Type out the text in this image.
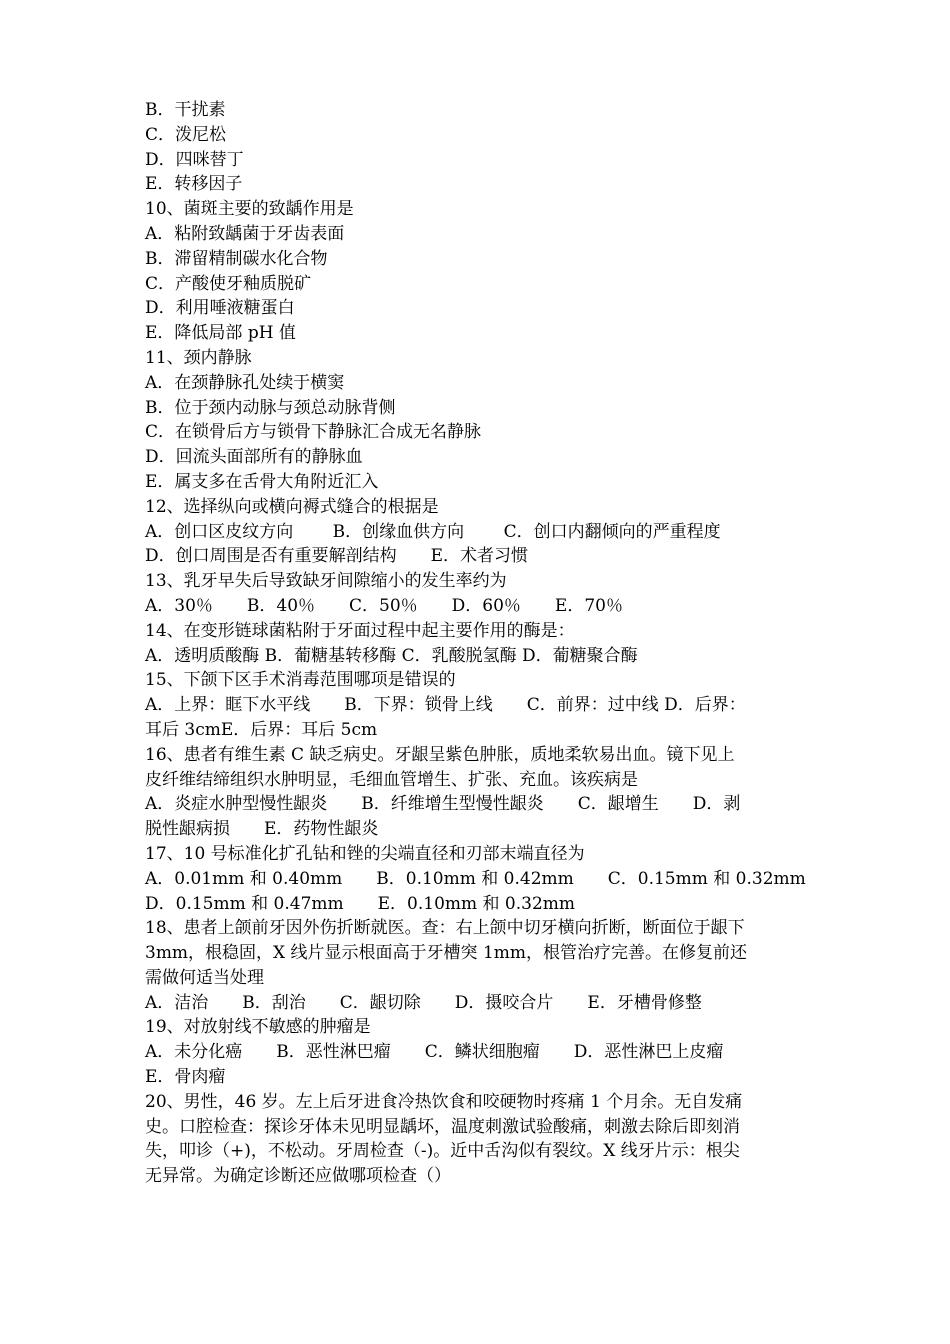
B．干扰素
C．泼尼松
D．四咪替丁
E．转移因子
10、菌斑主要的致龋作用是
A．粘附致龋菌于牙齿表面
B．滞留精制碳水化合物
C．产酸使牙釉质脱矿
D．利用唾液糖蛋白
E．降低局部 pH 值
11、颈内静脉
A．在颈静脉孔处续于横窦
B．位于颈内动脉与颈总动脉背侧
C．在锁骨后方与锁骨下静脉汇合成无名静脉
D．回流头面部所有的静脉血
E．属支多在舌骨大角附近汇入
12、选择纵向或横向褥式缝合的根据是
A．创口区皮纹方向　　 B．创缘血供方向　　 C．创口内翻倾向的严重程度
D．创口周围是否有重要解剖结构　　E．术者习惯
13、乳牙早失后导致缺牙间隙缩小的发生率约为
A．30％　　B．40％　　C．50％　　D．60％　　E．70％
14、在变形链球菌粘附于牙面过程中起主要作用的酶是：
A．透明质酸酶 B．葡糖基转移酶 C．乳酸脱氢酶 D．葡糖聚合酶
15、下颌下区手术消毒范围哪项是错误的
A．上界：眶下水平线　　B．下界：锁骨上线　　C．前界：过中线 D．后界：
耳后 3cmE．后界：耳后 5cm
16、患者有维生素 C 缺乏病史。牙龈呈紫色肿胀，质地柔软易出血。镜下见上
皮纤维结缔组织水肿明显，毛细血管增生、扩张、充血。该疾病是
A．炎症水肿型慢性龈炎　　B．纤维增生型慢性龈炎　　C．龈增生　　D．剥
脱性龈病损　　E．药物性龈炎
17、10 号标准化扩孔钻和锉的尖端直径和刃部末端直径为
A．0.01mm 和 0.40mm　　B．0.10mm 和 0.42mm　　C．0.15mm 和 0.32mm
D．0.15mm 和 0.47mm　　E．0.10mm 和 0.32mm
18、患者上颌前牙因外伤折断就医。查：右上颌中切牙横向折断，断面位于龈下
3mm，根稳固，X 线片显示根面高于牙槽突 1mm，根管治疗完善。在修复前还
需做何适当处理
A．洁治　　B．刮治　　C．龈切除　　D．摄咬合片　　E．牙槽骨修整
19、对放射线不敏感的肿瘤是
A．未分化癌　　B．恶性淋巴瘤　　C．鳞状细胞瘤　　D．恶性淋巴上皮瘤
E．骨肉瘤
20、男性，46 岁。左上后牙进食冷热饮食和咬硬物时疼痛 1 个月余。无自发痛
史。口腔检查：探诊牙体未见明显龋坏，温度刺激试验酸痛，刺激去除后即刻消
失，叩诊（+)，不松动。牙周检查（-)。近中舌沟似有裂纹。X 线牙片示：根尖
无异常。为确定诊断还应做哪项检查（）
